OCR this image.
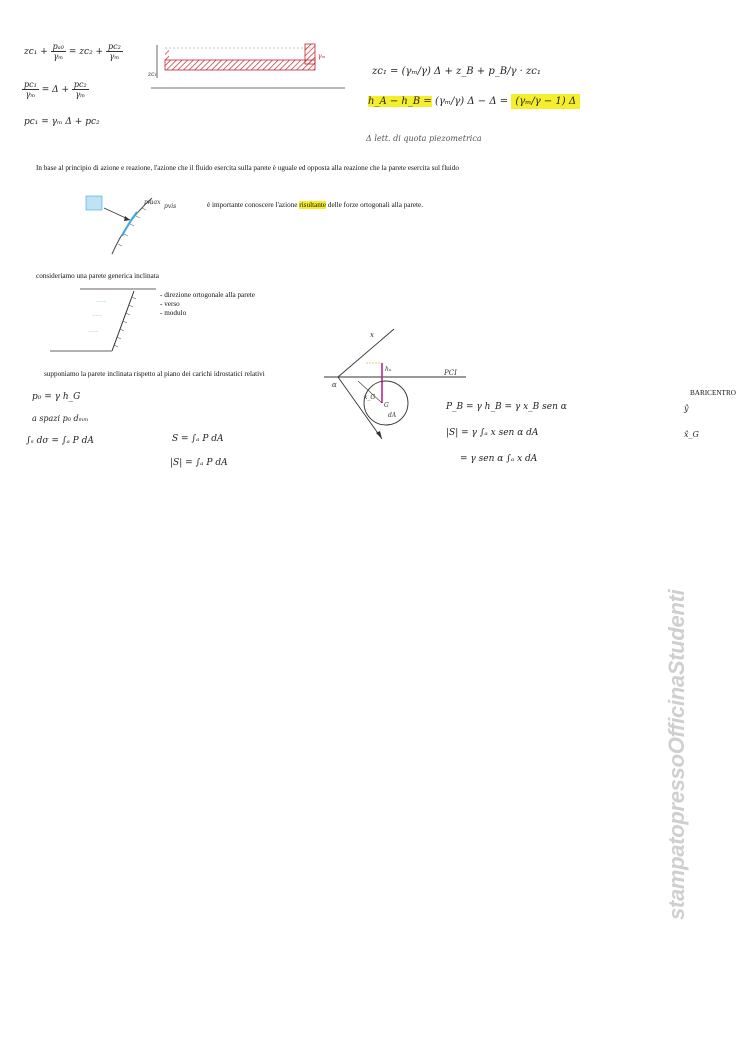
$zc_1 + \frac{\text{pₐ₀}}{\text{γₘ}} = zc_2 + \frac{\text{pc₂}}{\text{γₘ}}$
$\frac{\text{pc₁}}{\text{γₘ}} = \Delta + \frac{\text{pc₂}}{\text{γₘ}}$
pc₁ = γₘ Δ + pc₂
zc₁
γₘ
zc₁ = (γₘ/γ) Δ + z_B + p_B/γ · zc₁
h_A − h_B = (γₘ/γ) Δ − Δ = (γₘ/γ − 1) Δ
Δ lett. di quota piezometrica
In base al principio di azione e reazione, l'azione che il fluido esercita sulla parete è uguale ed opposta alla reazione che la parete esercita sul fluido
pmax
pvis	è importante conoscere l'azione risultante delle forze ortogonali alla parete.
consideriamo una parete generica inclinata
~~~
~~~
~~~
- direzione ortogonale alla parete
- verso
- modulo
supponiamo la parete inclinata rispetto al piano dei carichi idrostatici relativi
x
α
hₐ
x_G
G
dA
PCI
p₀ = γ h_G
a spazi p₀ dₘₘ
∫ₛ dσ = ∫ₐ P dA	S = ∫ₐ P dA
|S| = ∫ₐ P dA
P_B = γ h_B = γ x_B sen α
|S| = γ ∫ₐ x sen α dA
= γ sen α ∫ₐ x dA
BARICENTRO
ŷ
x̂_G
stampatopressoOfficinaStudenti
